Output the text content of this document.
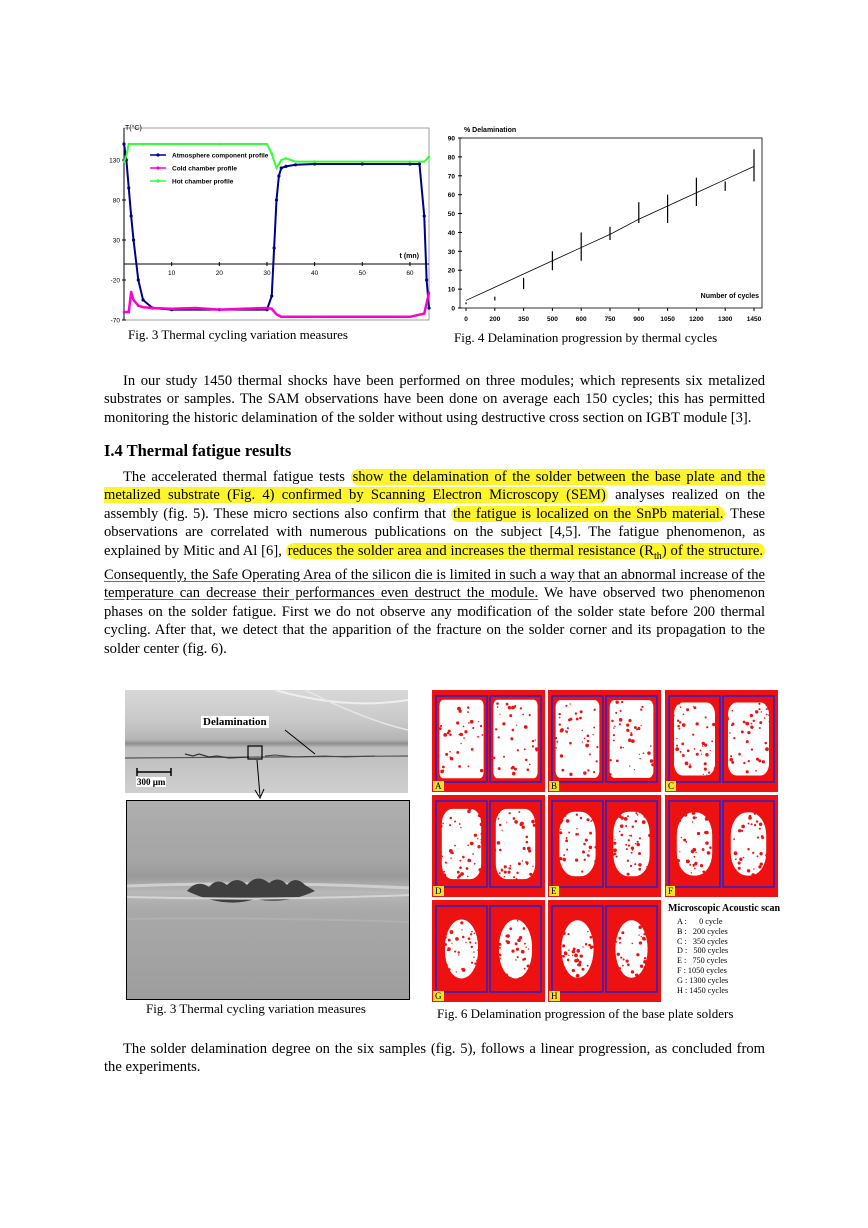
10	20	30	40	50	60
130
80
30
-20
-70
T(°C)
t (mn)
Atmosphere component profile
Cold chamber profile
Hot chamber profile
Fig. 3 Thermal cycling variation measures
% Delamination
90
80
70
60
50
40
30
20
10
0
0	200	350	500	600	750	900 1050 1200 1300 1450
Number of cycles
Fig. 4 Delamination progression by thermal cycles

In our study 1450 thermal shocks have been performed on three modules; which represents six metalized substrates or samples. The SAM observations have been done on average each 150 cycles; this has permitted monitoring the historic delamination of the solder without using destructive cross section on IGBT module [3].

I.4 Thermal fatigue results

The accelerated thermal fatigue tests show the delamination of the solder between the base plate and the metalized substrate (Fig. 4) confirmed by Scanning Electron Microscopy (SEM) analyses realized on the assembly (fig. 5). These micro sections also confirm that the fatigue is localized on the SnPb material. These observations are correlated with numerous publications on the subject [4,5]. The fatigue phenomenon, as explained by Mitic and Al [6], reduces the solder area and increases the thermal resistance $(R_{th})$ of the structure. Consequently, the Safe Operating Area of the silicon die is limited in such a way that an abnormal increase of the temperature can decrease their performances even destruct the module. We have observed two phenomenon phases on the solder fatigue. First we do not observe any modification of the solder state before 200 thermal cycling. After that, we detect that the apparition of the fracture on the solder corner and its propagation to the solder center (fig. 6).

Delamination
300 µm
Fig. 3 Thermal cycling variation measures
A	B	C
D	E	F
G	H
Microscopic Acoustic scan
A :      0 cycle
B :   200 cycles
C :   350 cycles
D :   500 cycles
E :   750 cycles
F : 1050 cycles
G : 1300 cycles
H : 1450 cycles
Fig. 6 Delamination progression of the base plate solders

The solder delamination degree on the six samples (fig. 5), follows a linear progression, as concluded from the experiments.
